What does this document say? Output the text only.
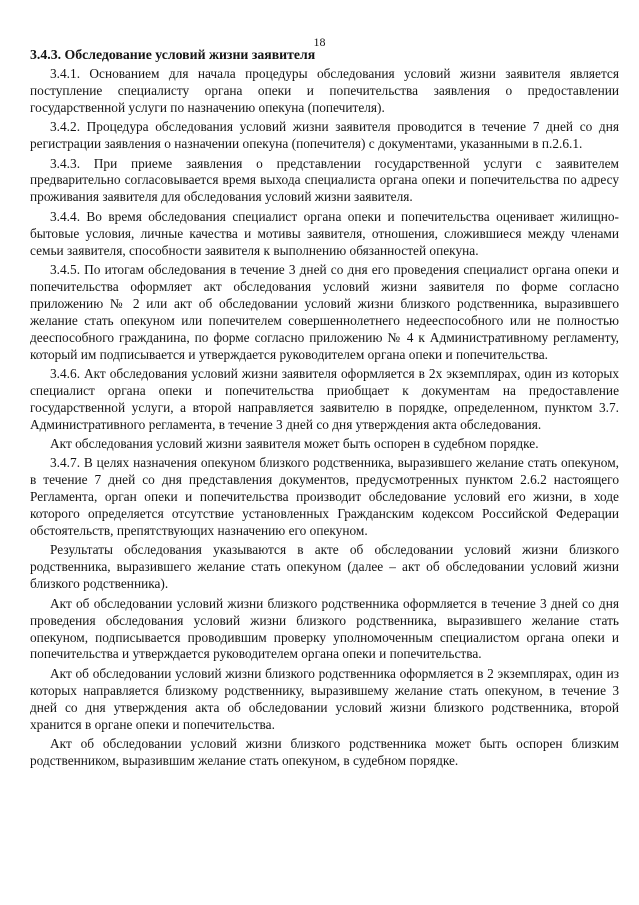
18
3.4.3. Обследование условий жизни заявителя

3.4.1. Основанием для начала процедуры обследования условий жизни заявителя является поступление специалисту органа опеки и попечительства заявления о предоставлении государственной услуги по назначению опекуна (попечителя).

3.4.2. Процедура обследования условий жизни заявителя проводится в течение 7 дней со дня регистрации заявления о назначении опекуна (попечителя) с документами, указанными в п.2.6.1.

3.4.3. При приеме заявления о представлении государственной услуги с заявителем предварительно согласовывается время выхода специалиста органа опеки и попечительства по адресу проживания заявителя для обследования условий жизни заявителя.

3.4.4. Во время обследования специалист органа опеки и попечительства оценивает жилищно-бытовые условия, личные качества и мотивы заявителя, отношения, сложившиеся между членами семьи заявителя, способности заявителя к выполнению обязанностей опекуна.

3.4.5. По итогам обследования в течение 3 дней со дня его проведения специалист органа опеки и попечительства оформляет акт обследования условий жизни заявителя по форме согласно приложению № 2 или акт об обследовании условий жизни близкого родственника, выразившего желание стать опекуном или попечителем совершеннолетнего недееспособного или не полностью дееспособного гражданина, по форме согласно приложению № 4 к Административному регламенту, который им подписывается и утверждается руководителем органа опеки и попечительства.

3.4.6. Акт обследования условий жизни заявителя оформляется в 2х экземплярах, один из которых специалист органа опеки и попечительства приобщает к документам на предоставление государственной услуги, а второй направляется заявителю в порядке, определенном, пунктом 3.7. Административного регламента, в течение 3 дней со дня утверждения акта обследования.

Акт обследования условий жизни заявителя может быть оспорен в судебном порядке.

3.4.7. В целях назначения опекуном близкого родственника, выразившего желание стать опекуном, в течение 7 дней со дня представления документов, предусмотренных пунктом 2.6.2 настоящего Регламента, орган опеки и попечительства производит обследование условий его жизни, в ходе которого определяется отсутствие установленных Гражданским кодексом Российской Федерации обстоятельств, препятствующих назначению его опекуном.

Результаты обследования указываются в акте об обследовании условий жизни близкого родственника, выразившего желание стать опекуном (далее – акт об обследовании условий жизни близкого родственника).

Акт об обследовании условий жизни близкого родственника оформляется в течение 3 дней со дня проведения обследования условий жизни близкого родственника, выразившего желание стать опекуном, подписывается проводившим проверку уполномоченным специалистом органа опеки и попечительства и утверждается руководителем органа опеки и попечительства.

Акт об обследовании условий жизни близкого родственника оформляется в 2 экземплярах, один из которых направляется близкому родственнику, выразившему желание стать опекуном, в течение 3 дней со дня утверждения акта об обследовании условий жизни близкого родственника, второй хранится в органе опеки и попечительства.

Акт об обследовании условий жизни близкого родственника может быть оспорен близким родственником, выразившим желание стать опекуном, в судебном порядке.
